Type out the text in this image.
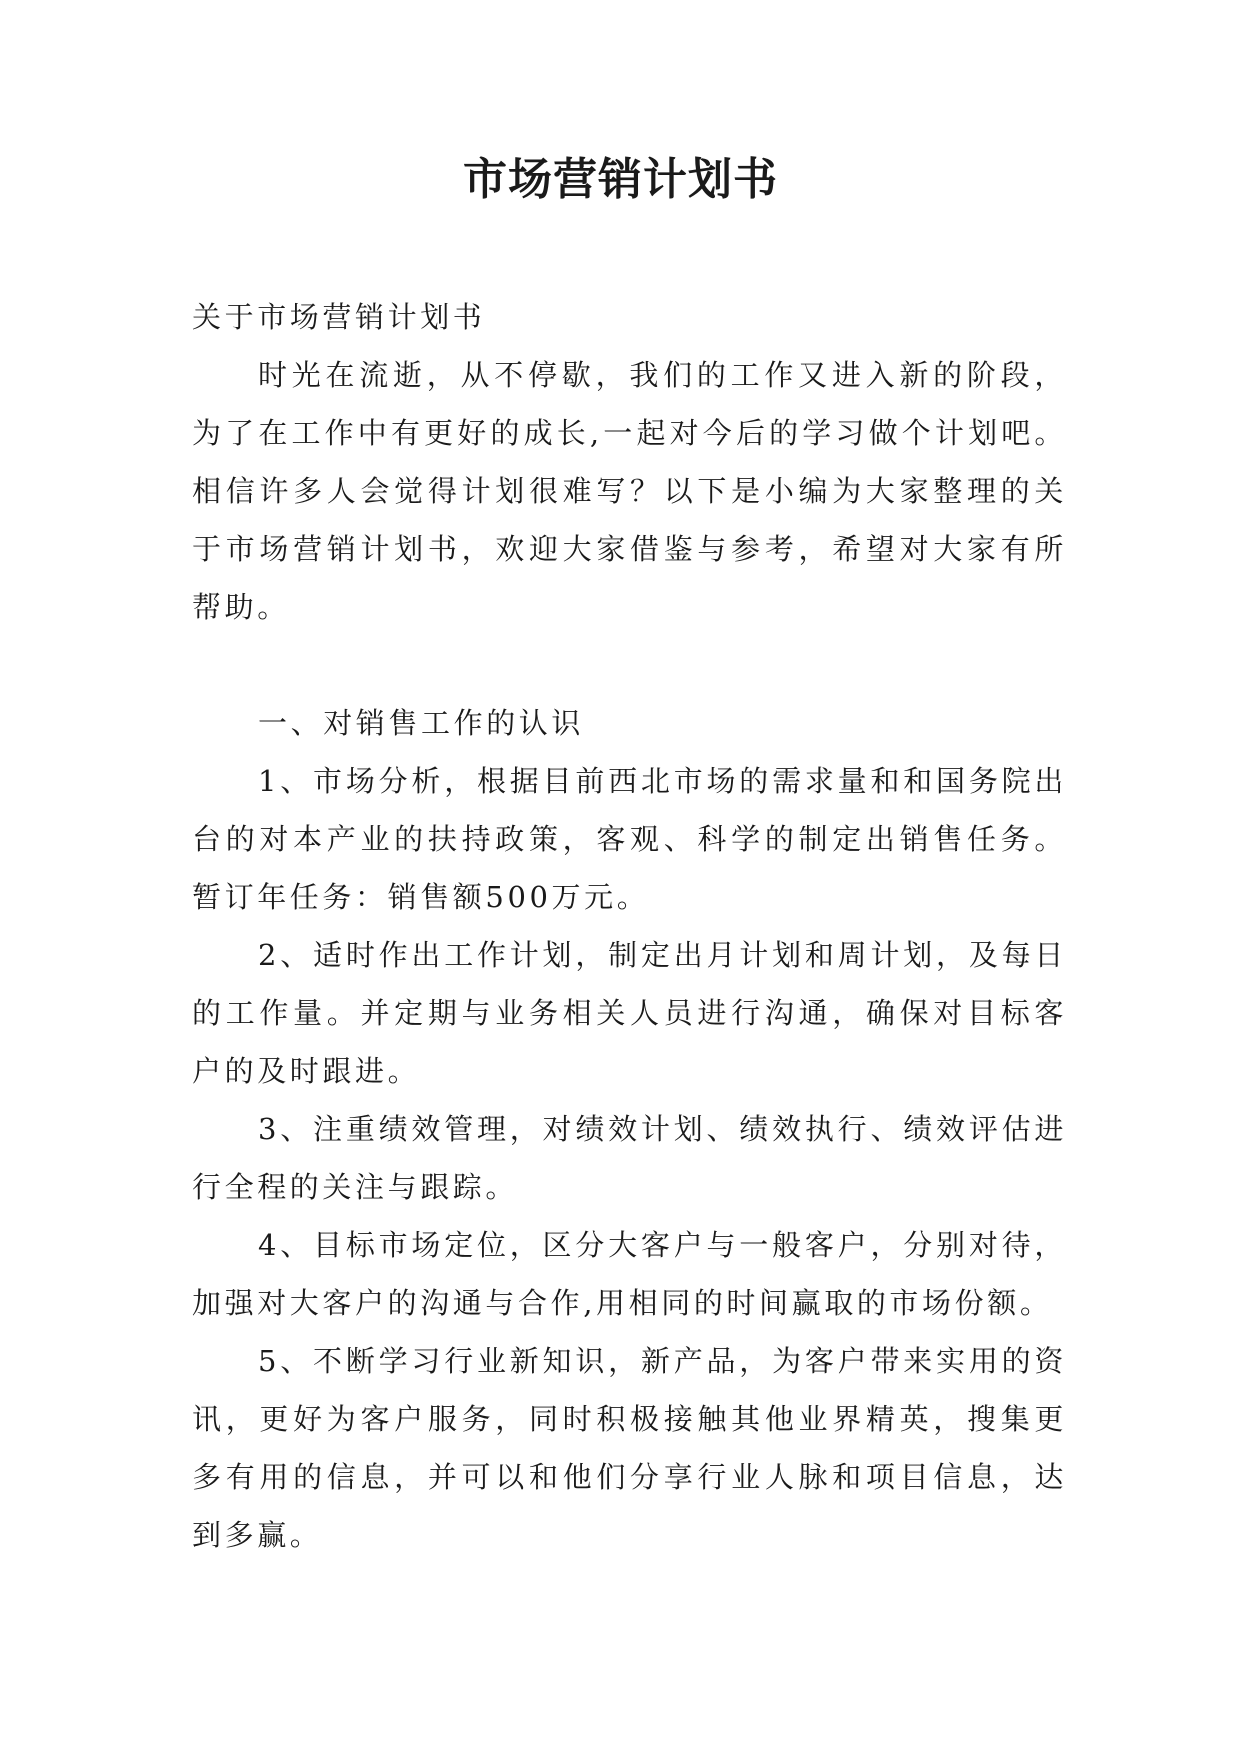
市场营销计划书

关于市场营销计划书

时光在流逝，从不停歇，我们的工作又进入新的阶段，为了在工作中有更好的成长,一起对今后的学习做个计划吧。相信许多人会觉得计划很难写？以下是小编为大家整理的关于市场营销计划书，欢迎大家借鉴与参考，希望对大家有所帮助。

一、对销售工作的认识

1、市场分析，根据目前西北市场的需求量和和国务院出台的对本产业的扶持政策，客观、科学的制定出销售任务。暂订年任务：销售额500万元。

2、适时作出工作计划，制定出月计划和周计划，及每日的工作量。并定期与业务相关人员进行沟通，确保对目标客户的及时跟进。

3、注重绩效管理，对绩效计划、绩效执行、绩效评估进行全程的关注与跟踪。

4、目标市场定位，区分大客户与一般客户，分别对待，加强对大客户的沟通与合作,用相同的时间赢取的市场份额。

5、不断学习行业新知识，新产品，为客户带来实用的资讯，更好为客户服务，同时积极接触其他业界精英，搜集更多有用的信息，并可以和他们分享行业人脉和项目信息，达到多赢。
